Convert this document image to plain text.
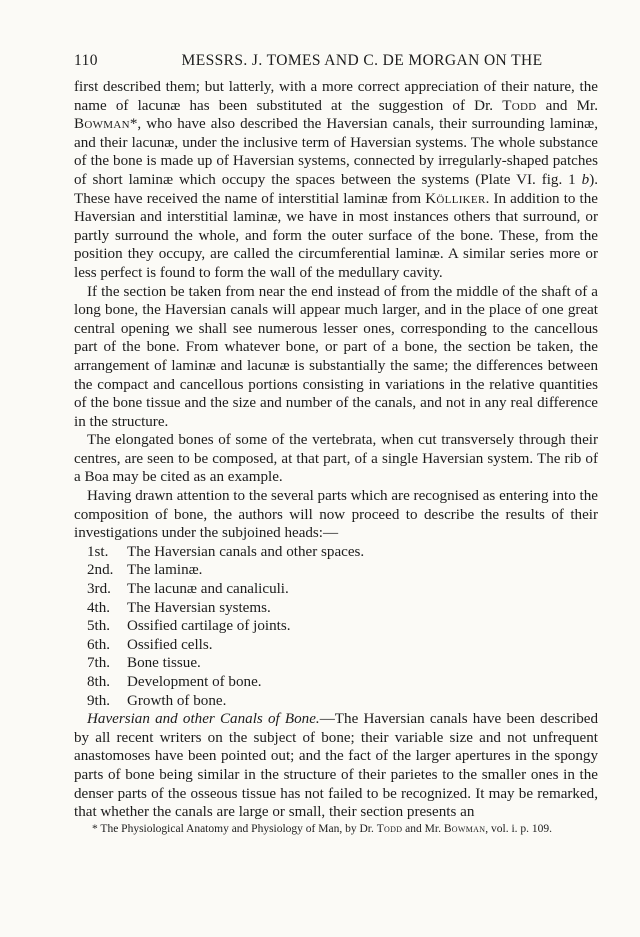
110	MESSRS. J. TOMES AND C. DE MORGAN ON THE

first described them; but latterly, with a more correct appreciation of their nature, the name of lacunæ has been substituted at the suggestion of Dr. Todd and Mr. Bowman*, who have also described the Haversian canals, their surrounding laminæ, and their lacunæ, under the inclusive term of Haversian systems. The whole substance of the bone is made up of Haversian systems, connected by irregularly-shaped patches of short laminæ which occupy the spaces between the systems (Plate VI. fig. 1 b). These have received the name of interstitial laminæ from Kölliker. In addition to the Haversian and interstitial laminæ, we have in most instances others that surround, or partly surround the whole, and form the outer surface of the bone. These, from the position they occupy, are called the circumferential laminæ. A similar series more or less perfect is found to form the wall of the medullary cavity.

If the section be taken from near the end instead of from the middle of the shaft of a long bone, the Haversian canals will appear much larger, and in the place of one great central opening we shall see numerous lesser ones, corresponding to the cancellous part of the bone. From whatever bone, or part of a bone, the section be taken, the arrangement of laminæ and lacunæ is substantially the same; the differences between the compact and cancellous portions consisting in variations in the relative quantities of the bone tissue and the size and number of the canals, and not in any real difference in the structure.

The elongated bones of some of the vertebrata, when cut transversely through their centres, are seen to be composed, at that part, of a single Haversian system. The rib of a Boa may be cited as an example.

Having drawn attention to the several parts which are recognised as entering into the composition of bone, the authors will now proceed to describe the results of their investigations under the subjoined heads:—

1st. The Haversian canals and other spaces.
2nd. The laminæ.
3rd. The lacunæ and canaliculi.
4th. The Haversian systems.
5th. Ossified cartilage of joints.
6th. Ossified cells.
7th. Bone tissue.
8th. Development of bone.
9th. Growth of bone.

Haversian and other Canals of Bone.—The Haversian canals have been described by all recent writers on the subject of bone; their variable size and not unfrequent anastomoses have been pointed out; and the fact of the larger apertures in the spongy parts of bone being similar in the structure of their parietes to the smaller ones in the denser parts of the osseous tissue has not failed to be recognized. It may be remarked, that whether the canals are large or small, their section presents an

* The Physiological Anatomy and Physiology of Man, by Dr. Todd and Mr. Bowman, vol. i. p. 109.
